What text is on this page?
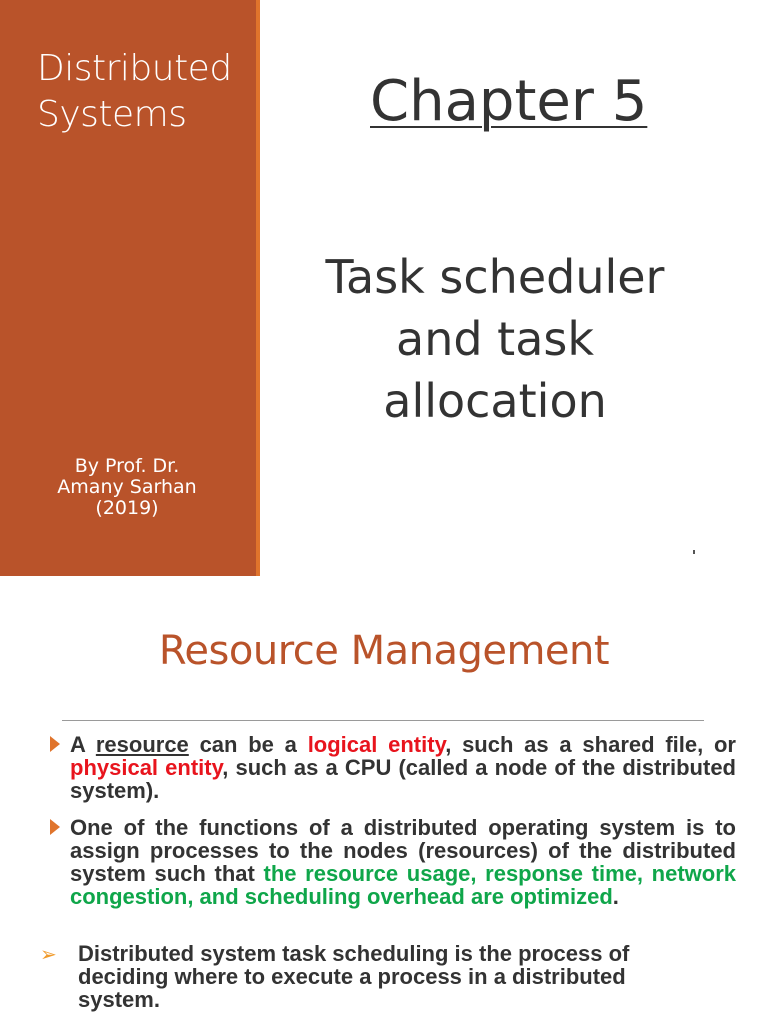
Distributed
Systems
By Prof. Dr.
Amany Sarhan
(2019)
Chapter 5
Task scheduler
and task
allocation
Resource Management
A resource can be a logical entity, such as a shared file, or physical entity, such as a CPU (called a node of the distributed system).
One of the functions of a distributed operating system is to assign processes to the nodes (resources) of the distributed system such that the resource usage, response time, network congestion, and scheduling overhead are optimized.
➢ Distributed system task scheduling is the process of deciding where to execute a process in a distributed system.
